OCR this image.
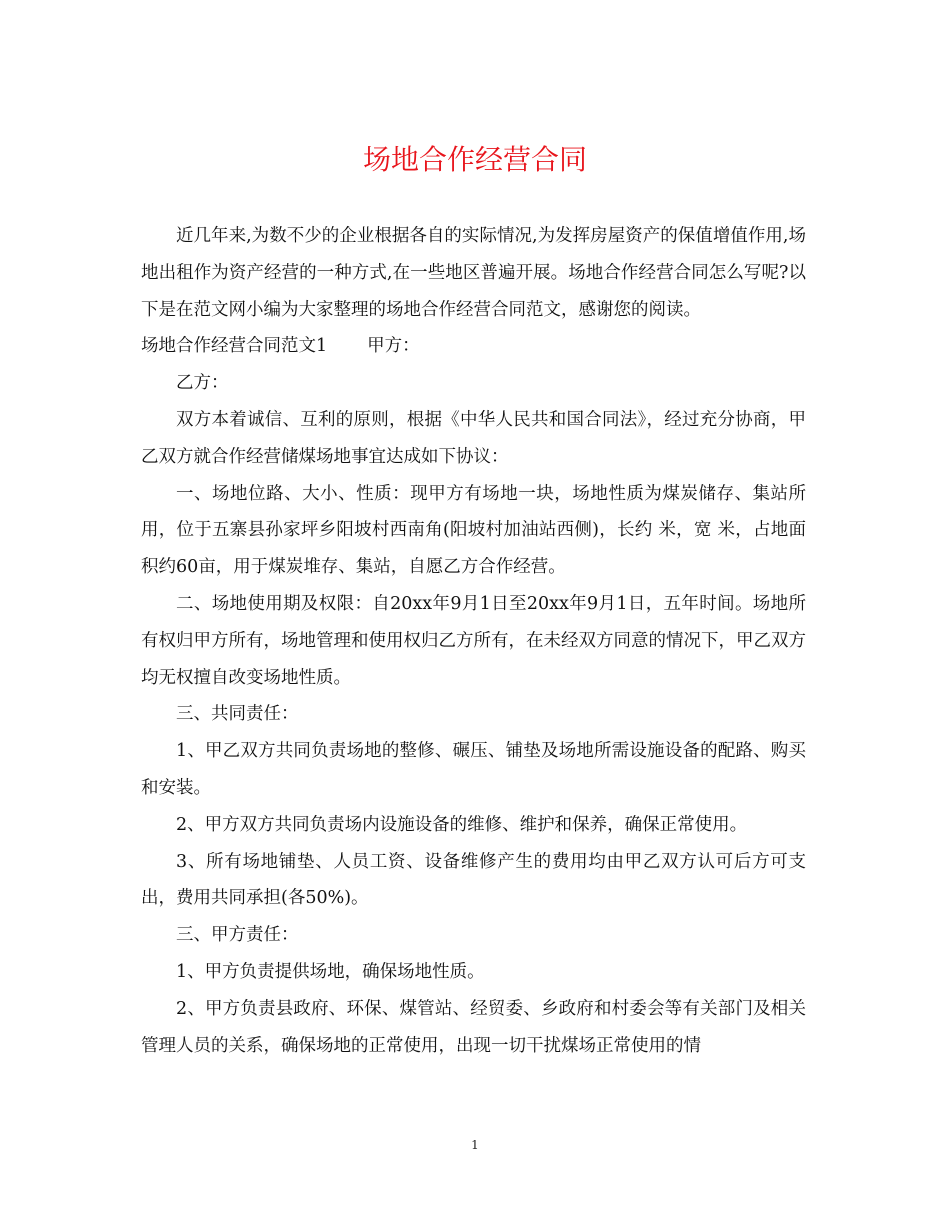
场地合作经营合同

近几年来,为数不少的企业根据各自的实际情况,为发挥房屋资产的保值增值作用,场地出租作为资产经营的一种方式,在一些地区普遍开展。场地合作经营合同怎么写呢?以下是在范文网小编为大家整理的场地合作经营合同范文，感谢您的阅读。

场地合作经营合同范文1 甲方：

乙方：

双方本着诚信、互利的原则，根据《中华人民共和国合同法》，经过充分协商，甲乙双方就合作经营储煤场地事宜达成如下协议：

一、场地位路、大小、性质：现甲方有场地一块，场地性质为煤炭储存、集站所用，位于五寨县孙家坪乡阳坡村西南角(阳坡村加油站西侧)，长约 米，宽 米，占地面积约60亩，用于煤炭堆存、集站，自愿乙方合作经营。

二、场地使用期及权限：自20xx年9月1日至20xx年9月1日，五年时间。场地所有权归甲方所有，场地管理和使用权归乙方所有，在未经双方同意的情况下，甲乙双方均无权擅自改变场地性质。

三、共同责任：

1、甲乙双方共同负责场地的整修、碾压、铺垫及场地所需设施设备的配路、购买和安装。

2、甲方双方共同负责场内设施设备的维修、维护和保养，确保正常使用。

3、所有场地铺垫、人员工资、设备维修产生的费用均由甲乙双方认可后方可支出，费用共同承担(各50%)。

三、甲方责任：

1、甲方负责提供场地，确保场地性质。

2、甲方负责县政府、环保、煤管站、经贸委、乡政府和村委会等有关部门及相关管理人员的关系，确保场地的正常使用，出现一切干扰煤场正常使用的情

1
